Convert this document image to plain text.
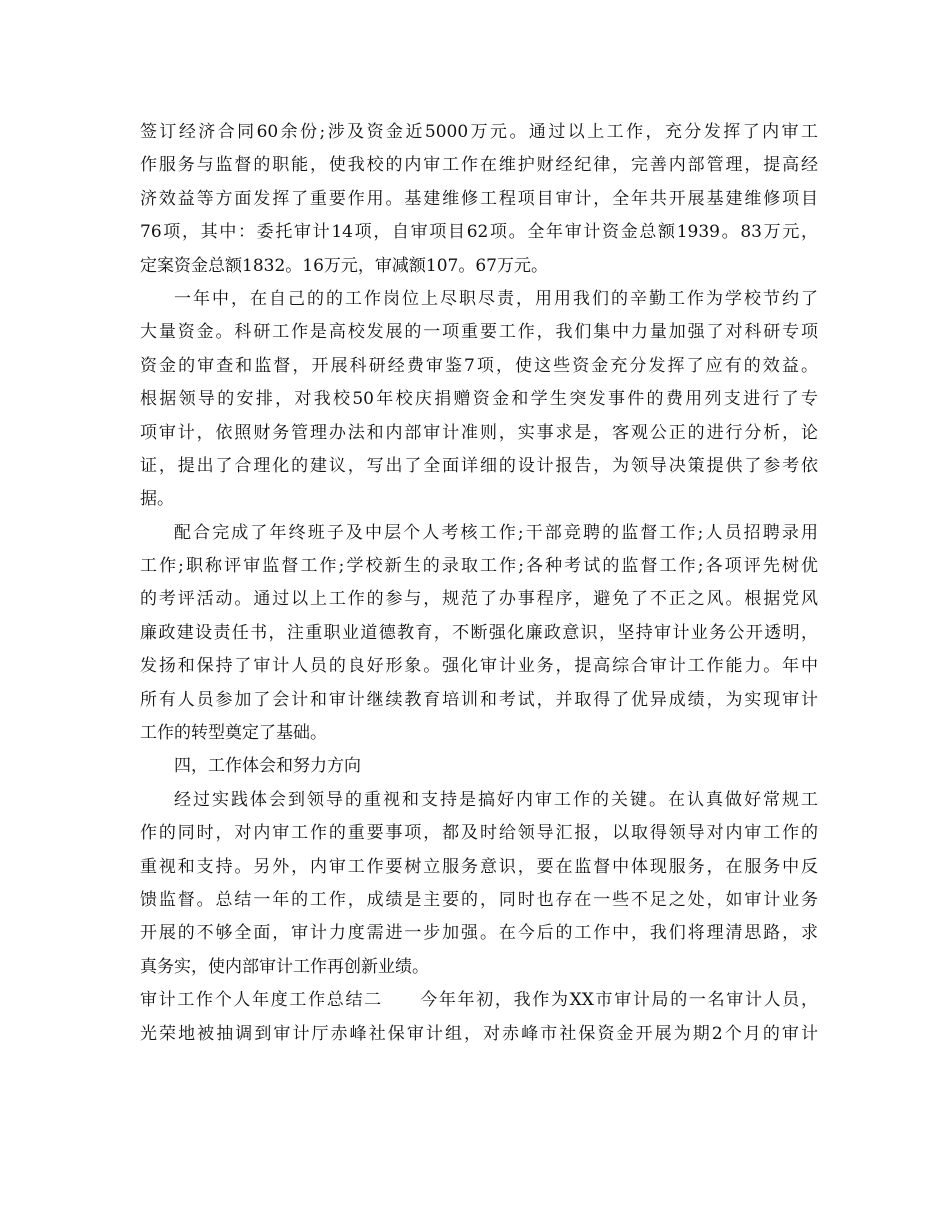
签订经济合同60余份;涉及资金近5000万元。通过以上工作，充分发挥了内审工
作服务与监督的职能，使我校的内审工作在维护财经纪律，完善内部管理，提高经
济效益等方面发挥了重要作用。基建维修工程项目审计，全年共开展基建维修项目
76项，其中：委托审计14项，自审项目62项。全年审计资金总额1939。83万元，
定案资金总额1832。16万元，审减额107。67万元。
一年中，在自己的的工作岗位上尽职尽责，用用我们的辛勤工作为学校节约了
大量资金。科研工作是高校发展的一项重要工作，我们集中力量加强了对科研专项
资金的审查和监督，开展科研经费审鉴7项，使这些资金充分发挥了应有的效益。
根据领导的安排，对我校50年校庆捐赠资金和学生突发事件的费用列支进行了专
项审计，依照财务管理办法和内部审计准则，实事求是，客观公正的进行分析，论
证，提出了合理化的建议，写出了全面详细的设计报告，为领导决策提供了参考依
据。
配合完成了年终班子及中层个人考核工作;干部竞聘的监督工作;人员招聘录用
工作;职称评审监督工作;学校新生的录取工作;各种考试的监督工作;各项评先树优
的考评活动。通过以上工作的参与，规范了办事程序，避免了不正之风。根据党风
廉政建设责任书，注重职业道德教育，不断强化廉政意识，坚持审计业务公开透明，
发扬和保持了审计人员的良好形象。强化审计业务，提高综合审计工作能力。年中
所有人员参加了会计和审计继续教育培训和考试，并取得了优异成绩，为实现审计
工作的转型奠定了基础。
四，工作体会和努力方向
经过实践体会到领导的重视和支持是搞好内审工作的关键。在认真做好常规工
作的同时，对内审工作的重要事项，都及时给领导汇报，以取得领导对内审工作的
重视和支持。另外，内审工作要树立服务意识，要在监督中体现服务，在服务中反
馈监督。总结一年的工作，成绩是主要的，同时也存在一些不足之处，如审计业务
开展的不够全面，审计力度需进一步加强。在今后的工作中，我们将理清思路，求
真务实，使内部审计工作再创新业绩。
审计工作个人年度工作总结二　　今年年初，我作为XX市审计局的一名审计人员，
光荣地被抽调到审计厅赤峰社保审计组，对赤峰市社保资金开展为期2个月的审计
